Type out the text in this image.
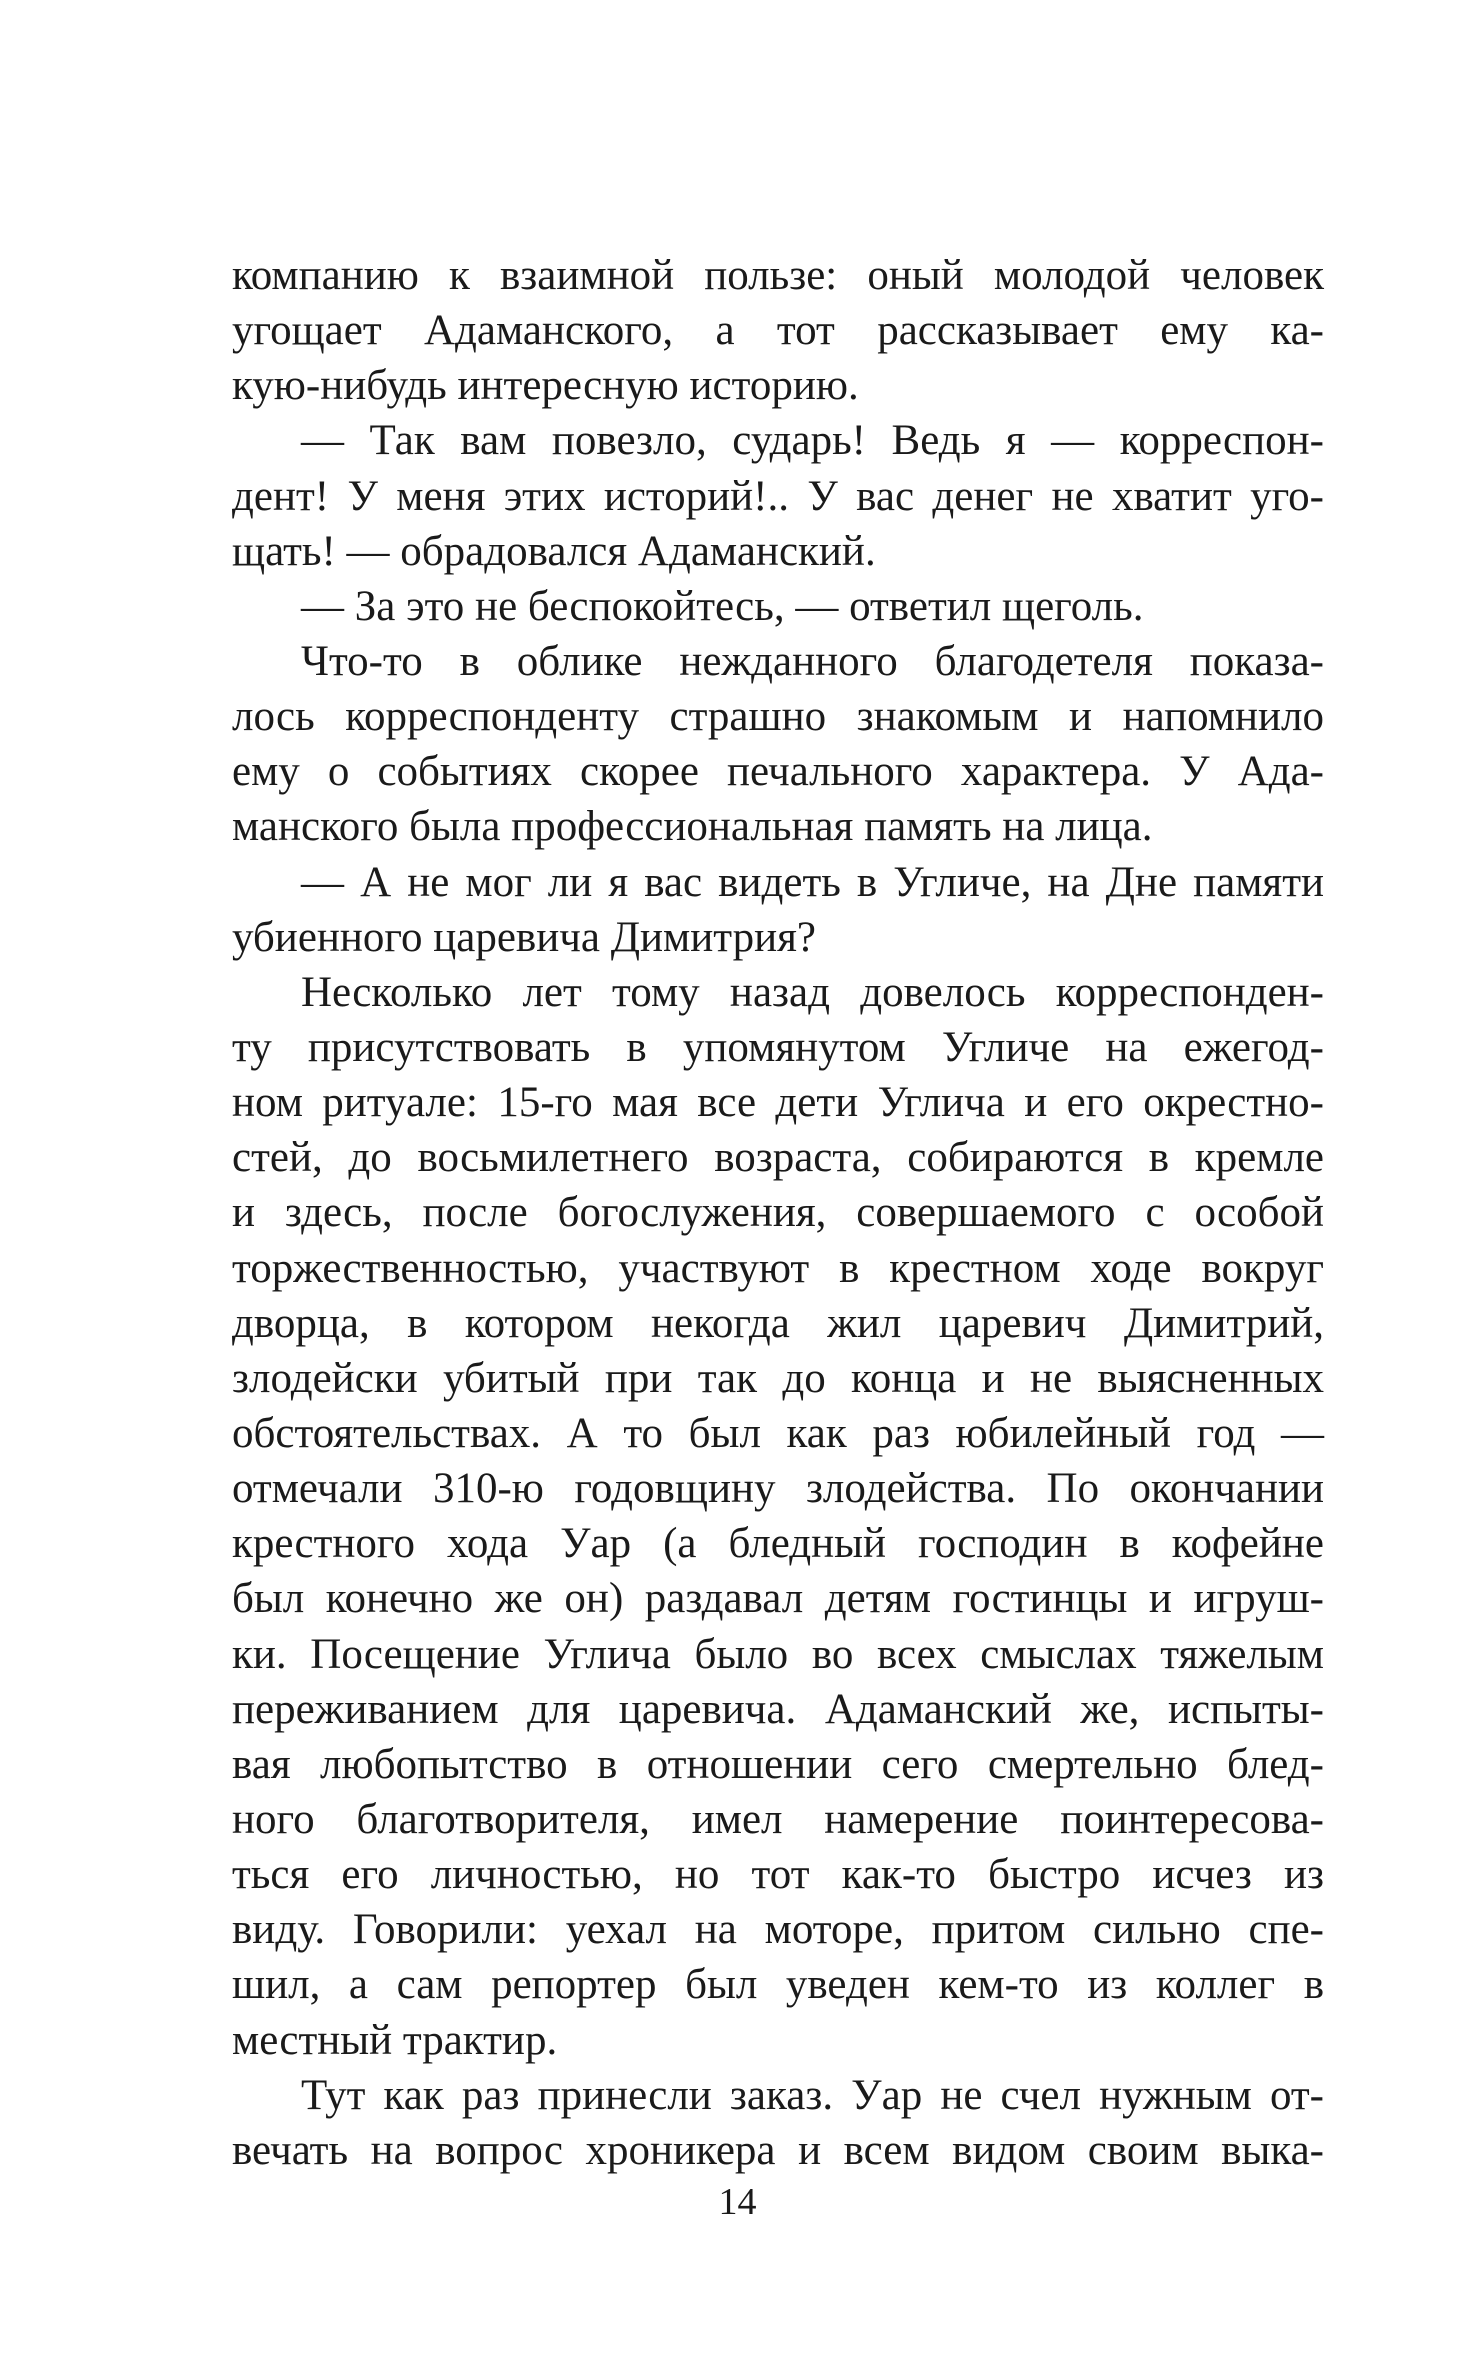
компанию к взаимной пользе: оный молодой человек
угощает Адаманского, а тот рассказывает ему ка-
кую-нибудь интересную историю.
— Так вам повезло, сударь! Ведь я — корреспон-
дент! У меня этих историй!.. У вас денег не хватит уго-
щать! — обрадовался Адаманский.
— За это не беспокойтесь, — ответил щеголь.
Что-то в облике нежданного благодетеля показа-
лось корреспонденту страшно знакомым и напомнило
ему о событиях скорее печального характера. У Ада-
манского была профессиональная память на лица.
— А не мог ли я вас видеть в Угличе, на Дне памяти
убиенного царевича Димитрия?
Несколько лет тому назад довелось корреспонден-
ту присутствовать в упомянутом Угличе на ежегод-
ном ритуале: 15-го мая все дети Углича и его окрестно-
стей, до восьмилетнего возраста, собираются в кремле
и здесь, после богослужения, совершаемого с особой
торжественностью, участвуют в крестном ходе вокруг
дворца, в котором некогда жил царевич Димитрий,
злодейски убитый при так до конца и не выясненных
обстоятельствах. А то был как раз юбилейный год —
отмечали 310-ю годовщину злодейства. По окончании
крестного хода Уар (а бледный господин в кофейне
был конечно же он) раздавал детям гостинцы и игруш-
ки. Посещение Углича было во всех смыслах тяжелым
переживанием для царевича. Адаманский же, испыты-
вая любопытство в отношении сего смертельно блед-
ного благотворителя, имел намерение поинтересова-
ться его личностью, но тот как-то быстро исчез из
виду. Говорили: уехал на моторе, притом сильно спе-
шил, а сам репортер был уведен кем-то из коллег в
местный трактир.
Тут как раз принесли заказ. Уар не счел нужным от-
вечать на вопрос хроникера и всем видом своим выка-
14
